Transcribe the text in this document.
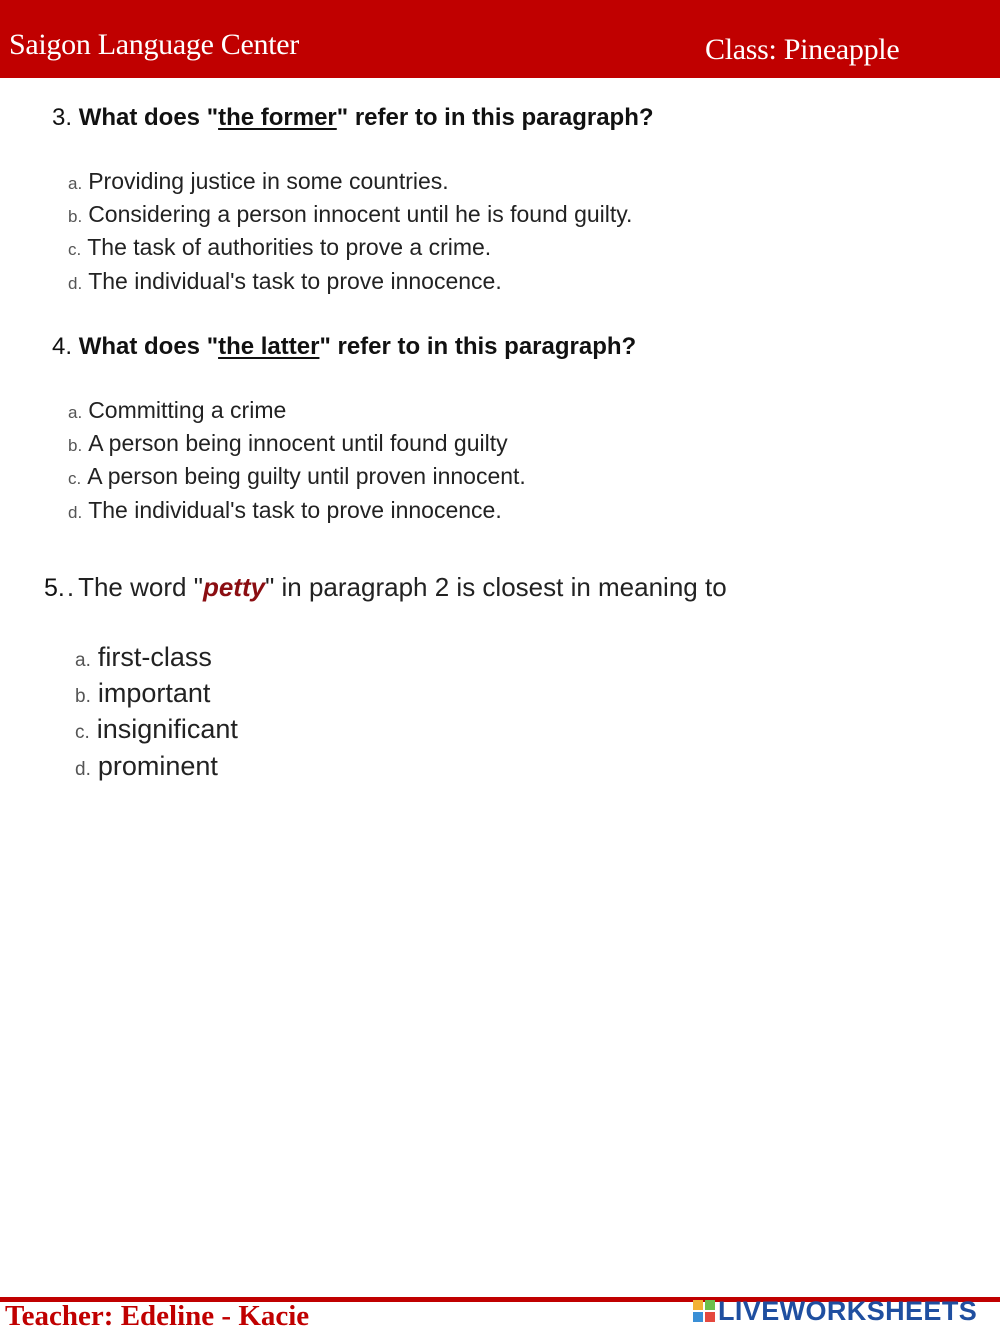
Saigon Language Center	Class: Pineapple
3. What does "the former" refer to in this paragraph?
a. Providing justice in some countries.
b. Considering a person innocent until he is found guilty.
c. The task of authorities to prove a crime.
d. The individual's task to prove innocence.
4. What does "the latter" refer to in this paragraph?
a. Committing a crime
b. A person being innocent until found guilty
c. A person being guilty until proven innocent.
d. The individual's task to prove innocence.
5.. The word "petty" in paragraph 2 is closest in meaning to
a. first-class
b. important
c. insignificant
d. prominent
Teacher: Edeline - Kacie	LIVEWORKSHEETS
